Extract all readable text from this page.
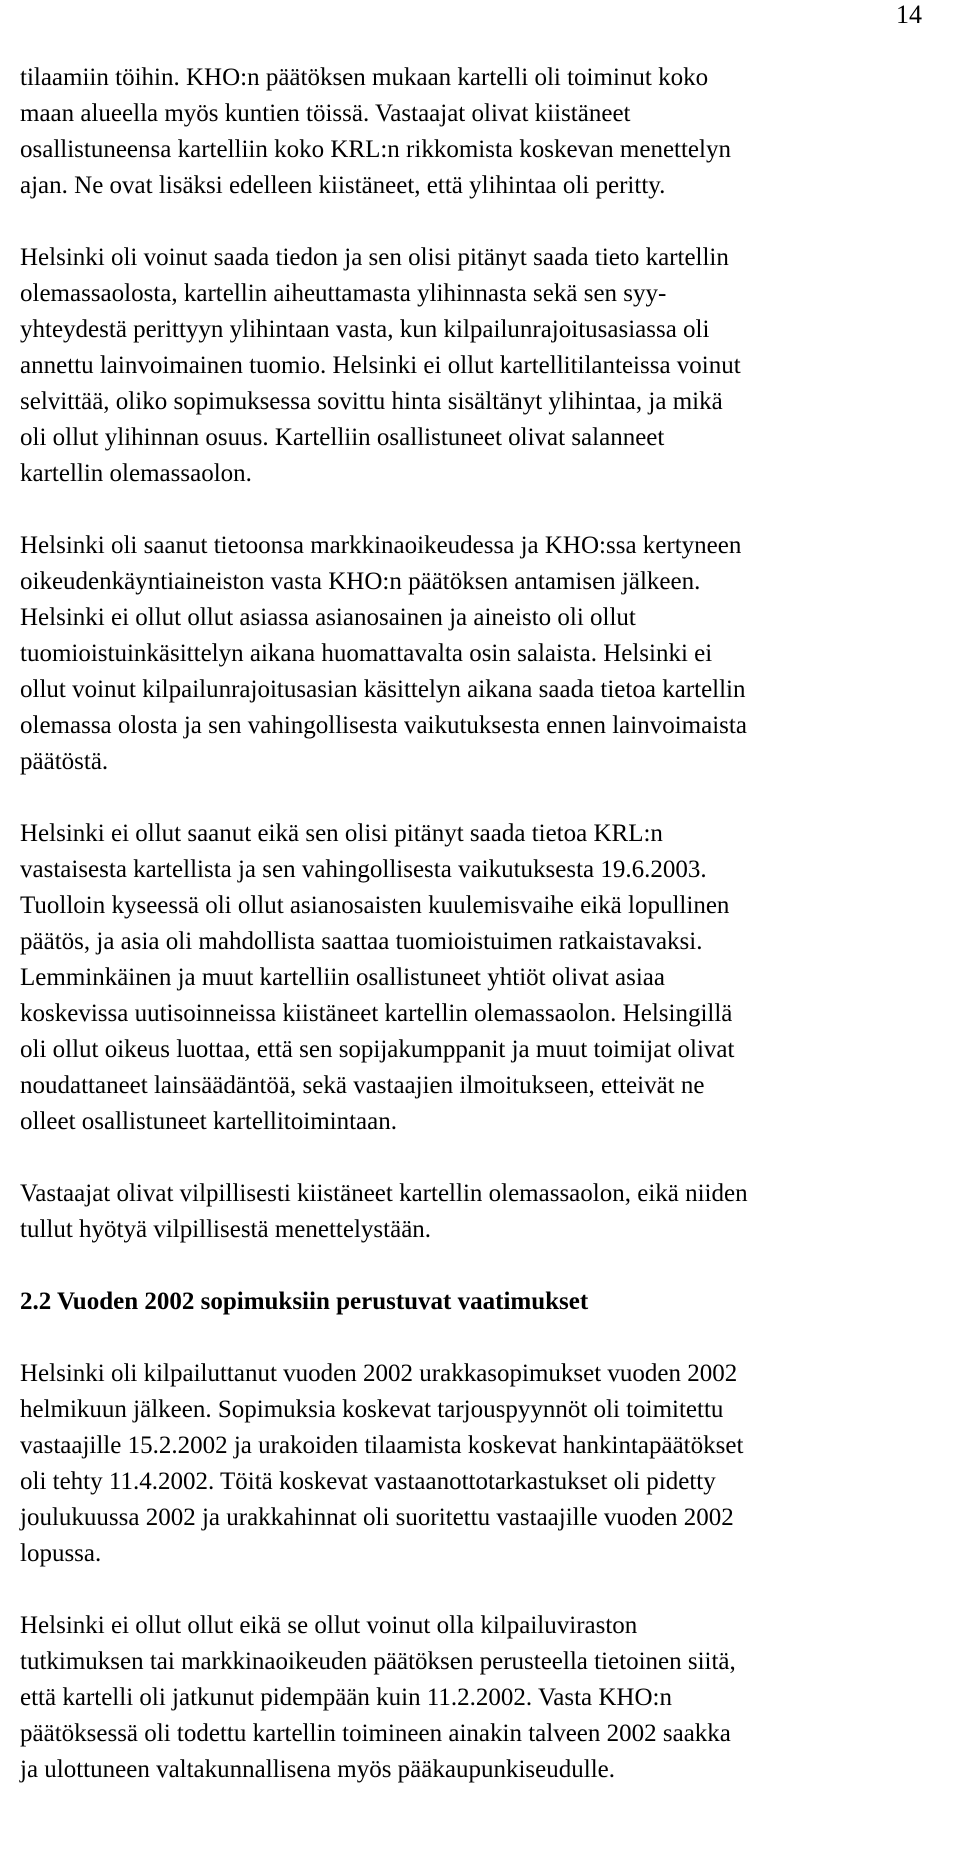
14

tilaamiin töihin. KHO:n päätöksen mukaan kartelli oli toiminut koko
maan alueella myös kuntien töissä. Vastaajat olivat kiistäneet
osallistuneensa kartelliin koko KRL:n rikkomista koskevan menettelyn
ajan. Ne ovat lisäksi edelleen kiistäneet, että ylihintaa oli peritty.

Helsinki oli voinut saada tiedon ja sen olisi pitänyt saada tieto kartellin
olemassaolosta, kartellin aiheuttamasta ylihinnasta sekä sen syy-
yhteydestä perittyyn ylihintaan vasta, kun kilpailunrajoitusasiassa oli
annettu lainvoimainen tuomio. Helsinki ei ollut kartellitilanteissa voinut
selvittää, oliko sopimuksessa sovittu hinta sisältänyt ylihintaa, ja mikä
oli ollut ylihinnan osuus. Kartelliin osallistuneet olivat salanneet
kartellin olemassaolon.

Helsinki oli saanut tietoonsa markkinaoikeudessa ja KHO:ssa kertyneen
oikeudenkäyntiaineiston vasta KHO:n päätöksen antamisen jälkeen.
Helsinki ei ollut ollut asiassa asianosainen ja aineisto oli ollut
tuomioistuinkäsittelyn aikana huomattavalta osin salaista. Helsinki ei
ollut voinut kilpailunrajoitusasian käsittelyn aikana saada tietoa kartellin
olemassa olosta ja sen vahingollisesta vaikutuksesta ennen lainvoimaista
päätöstä.

Helsinki ei ollut saanut eikä sen olisi pitänyt saada tietoa KRL:n
vastaisesta kartellista ja sen vahingollisesta vaikutuksesta 19.6.2003.
Tuolloin kyseessä oli ollut asianosaisten kuulemisvaihe eikä lopullinen
päätös, ja asia oli mahdollista saattaa tuomioistuimen ratkaistavaksi.
Lemminkäinen ja muut kartelliin osallistuneet yhtiöt olivat asiaa
koskevissa uutisoinneissa kiistäneet kartellin olemassaolon. Helsingillä
oli ollut oikeus luottaa, että sen sopijakumppanit ja muut toimijat olivat
noudattaneet lainsäädäntöä, sekä vastaajien ilmoitukseen, etteivät ne
olleet osallistuneet kartellitoimintaan.

Vastaajat olivat vilpillisesti kiistäneet kartellin olemassaolon, eikä niiden
tullut hyötyä vilpillisestä menettelystään.

2.2 Vuoden 2002 sopimuksiin perustuvat vaatimukset

Helsinki oli kilpailuttanut vuoden 2002 urakkasopimukset vuoden 2002
helmikuun jälkeen. Sopimuksia koskevat tarjouspyynnöt oli toimitettu
vastaajille 15.2.2002 ja urakoiden tilaamista koskevat hankintapäätökset
oli tehty 11.4.2002. Töitä koskevat vastaanottotarkastukset oli pidetty
joulukuussa 2002 ja urakkahinnat oli suoritettu vastaajille vuoden 2002
lopussa.

Helsinki ei ollut ollut eikä se ollut voinut olla kilpailuviraston
tutkimuksen tai markkinaoikeuden päätöksen perusteella tietoinen siitä,
että kartelli oli jatkunut pidempään kuin 11.2.2002. Vasta KHO:n
päätöksessä oli todettu kartellin toimineen ainakin talveen 2002 saakka
ja ulottuneen valtakunnallisena myös pääkaupunkiseudulle.
